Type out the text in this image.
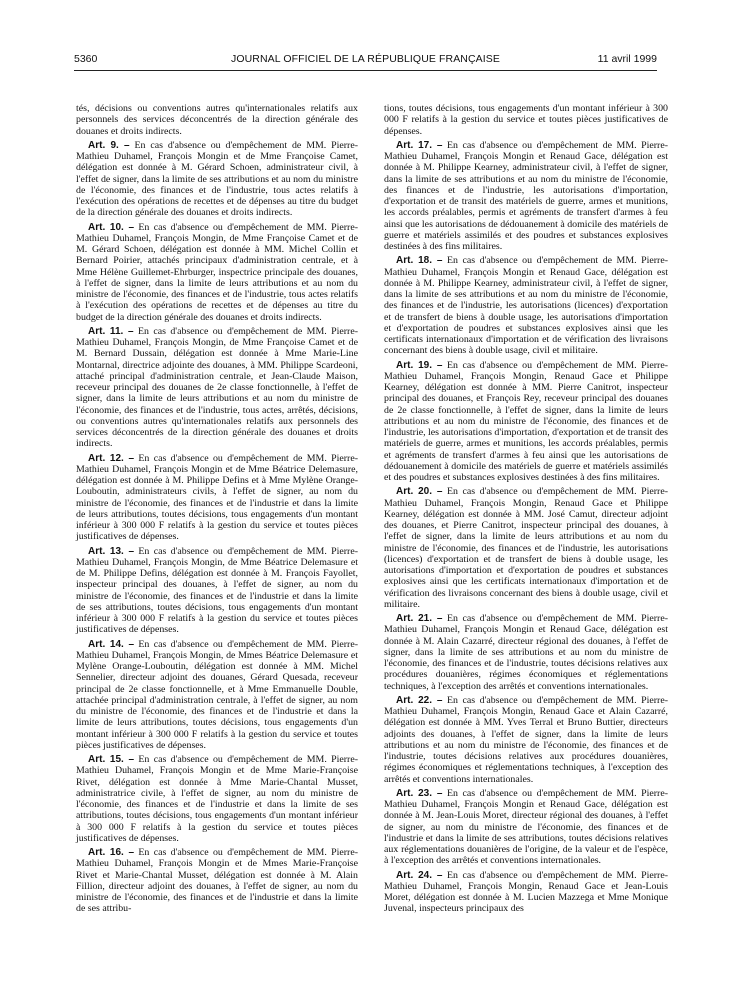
5360	JOURNAL OFFICIEL DE LA RÉPUBLIQUE FRANÇAISE	11 avril 1999

tés, décisions ou conventions autres qu'internationales relatifs aux personnels des services déconcentrés de la direction générale des douanes et droits indirects.

Art. 9. – En cas d'absence ou d'empêchement de MM. Pierre-Mathieu Duhamel, François Mongin et de Mme Françoise Camet, délégation est donnée à M. Gérard Schoen, administrateur civil, à l'effet de signer, dans la limite de ses attributions et au nom du ministre de l'économie, des finances et de l'industrie, tous actes relatifs à l'exécution des opérations de recettes et de dépenses au titre du budget de la direction générale des douanes et droits indirects.

Art. 10. – En cas d'absence ou d'empêchement de MM. Pierre-Mathieu Duhamel, François Mongin, de Mme Françoise Camet et de M. Gérard Schoen, délégation est donnée à MM. Michel Collin et Bernard Poirier, attachés principaux d'administration centrale, et à Mme Hélène Guillemet-Ehrburger, inspectrice principale des douanes, à l'effet de signer, dans la limite de leurs attributions et au nom du ministre de l'économie, des finances et de l'industrie, tous actes relatifs à l'exécution des opérations de recettes et de dépenses au titre du budget de la direction générale des douanes et droits indirects.

Art. 11. – En cas d'absence ou d'empêchement de MM. Pierre-Mathieu Duhamel, François Mongin, de Mme Françoise Camet et de M. Bernard Dussain, délégation est donnée à Mme Marie-Line Montarnal, directrice adjointe des douanes, à MM. Philippe Scardeoni, attaché principal d'administration centrale, et Jean-Claude Maison, receveur principal des douanes de 2e classe fonctionnelle, à l'effet de signer, dans la limite de leurs attributions et au nom du ministre de l'économie, des finances et de l'industrie, tous actes, arrêtés, décisions, ou conventions autres qu'internationales relatifs aux personnels des services déconcentrés de la direction générale des douanes et droits indirects.

Art. 12. – En cas d'absence ou d'empêchement de MM. Pierre-Mathieu Duhamel, François Mongin et de Mme Béatrice Delemasure, délégation est donnée à M. Philippe Defins et à Mme Mylène Orange-Louboutin, administrateurs civils, à l'effet de signer, au nom du ministre de l'économie, des finances et de l'industrie et dans la limite de leurs attributions, toutes décisions, tous engagements d'un montant inférieur à 300 000 F relatifs à la gestion du service et toutes pièces justificatives de dépenses.

Art. 13. – En cas d'absence ou d'empêchement de MM. Pierre-Mathieu Duhamel, François Mongin, de Mme Béatrice Delemasure et de M. Philippe Defins, délégation est donnée à M. François Fayollet, inspecteur principal des douanes, à l'effet de signer, au nom du ministre de l'économie, des finances et de l'industrie et dans la limite de ses attributions, toutes décisions, tous engagements d'un montant inférieur à 300 000 F relatifs à la gestion du service et toutes pièces justificatives de dépenses.

Art. 14. – En cas d'absence ou d'empêchement de MM. Pierre-Mathieu Duhamel, François Mongin, de Mmes Béatrice Delemasure et Mylène Orange-Louboutin, délégation est donnée à MM. Michel Sennelier, directeur adjoint des douanes, Gérard Quesada, receveur principal de 2e classe fonctionnelle, et à Mme Emmanuelle Double, attachée principal d'administration centrale, à l'effet de signer, au nom du ministre de l'économie, des finances et de l'industrie et dans la limite de leurs attributions, toutes décisions, tous engagements d'un montant inférieur à 300 000 F relatifs à la gestion du service et toutes pièces justificatives de dépenses.

Art. 15. – En cas d'absence ou d'empêchement de MM. Pierre-Mathieu Duhamel, François Mongin et de Mme Marie-Françoise Rivet, délégation est donnée à Mme Marie-Chantal Musset, administratrice civile, à l'effet de signer, au nom du ministre de l'économie, des finances et de l'industrie et dans la limite de ses attributions, toutes décisions, tous engagements d'un montant inférieur à 300 000 F relatifs à la gestion du service et toutes pièces justificatives de dépenses.

Art. 16. – En cas d'absence ou d'empêchement de MM. Pierre-Mathieu Duhamel, François Mongin et de Mmes Marie-Françoise Rivet et Marie-Chantal Musset, délégation est donnée à M. Alain Fillion, directeur adjoint des douanes, à l'effet de signer, au nom du ministre de l'économie, des finances et de l'industrie et dans la limite de ses attribu-

tions, toutes décisions, tous engagements d'un montant inférieur à 300 000 F relatifs à la gestion du service et toutes pièces justificatives de dépenses.

Art. 17. – En cas d'absence ou d'empêchement de MM. Pierre-Mathieu Duhamel, François Mongin et Renaud Gace, délégation est donnée à M. Philippe Kearney, administrateur civil, à l'effet de signer, dans la limite de ses attributions et au nom du ministre de l'économie, des finances et de l'industrie, les autorisations d'importation, d'exportation et de transit des matériels de guerre, armes et munitions, les accords préalables, permis et agréments de transfert d'armes à feu ainsi que les autorisations de dédouanement à domicile des matériels de guerre et matériels assimilés et des poudres et substances explosives destinées à des fins militaires.

Art. 18. – En cas d'absence ou d'empêchement de MM. Pierre-Mathieu Duhamel, François Mongin et Renaud Gace, délégation est donnée à M. Philippe Kearney, administrateur civil, à l'effet de signer, dans la limite de ses attributions et au nom du ministre de l'économie, des finances et de l'industrie, les autorisations (licences) d'exportation et de transfert de biens à double usage, les autorisations d'importation et d'exportation de poudres et substances explosives ainsi que les certificats internationaux d'importation et de vérification des livraisons concernant des biens à double usage, civil et militaire.

Art. 19. – En cas d'absence ou d'empêchement de MM. Pierre-Mathieu Duhamel, François Mongin, Renaud Gace et Philippe Kearney, délégation est donnée à MM. Pierre Canitrot, inspecteur principal des douanes, et François Rey, receveur principal des douanes de 2e classe fonctionnelle, à l'effet de signer, dans la limite de leurs attributions et au nom du ministre de l'économie, des finances et de l'industrie, les autorisations d'importation, d'exportation et de transit des matériels de guerre, armes et munitions, les accords préalables, permis et agréments de transfert d'armes à feu ainsi que les autorisations de dédouanement à domicile des matériels de guerre et matériels assimilés et des poudres et substances explosives destinées à des fins militaires.

Art. 20. – En cas d'absence ou d'empêchement de MM. Pierre-Mathieu Duhamel, François Mongin, Renaud Gace et Philippe Kearney, délégation est donnée à MM. José Camut, directeur adjoint des douanes, et Pierre Canitrot, inspecteur principal des douanes, à l'effet de signer, dans la limite de leurs attributions et au nom du ministre de l'économie, des finances et de l'industrie, les autorisations (licences) d'exportation et de transfert de biens à double usage, les autorisations d'importation et d'exportation de poudres et substances explosives ainsi que les certificats internationaux d'importation et de vérification des livraisons concernant des biens à double usage, civil et militaire.

Art. 21. – En cas d'absence ou d'empêchement de MM. Pierre-Mathieu Duhamel, François Mongin et Renaud Gace, délégation est donnée à M. Alain Cazarré, directeur régional des douanes, à l'effet de signer, dans la limite de ses attributions et au nom du ministre de l'économie, des finances et de l'industrie, toutes décisions relatives aux procédures douanières, régimes économiques et réglementations techniques, à l'exception des arrêtés et conventions internationales.

Art. 22. – En cas d'absence ou d'empêchement de MM. Pierre-Mathieu Duhamel, François Mongin, Renaud Gace et Alain Cazarré, délégation est donnée à MM. Yves Terral et Bruno Buttier, directeurs adjoints des douanes, à l'effet de signer, dans la limite de leurs attributions et au nom du ministre de l'économie, des finances et de l'industrie, toutes décisions relatives aux procédures douanières, régimes économiques et réglementations techniques, à l'exception des arrêtés et conventions internationales.

Art. 23. – En cas d'absence ou d'empêchement de MM. Pierre-Mathieu Duhamel, François Mongin et Renaud Gace, délégation est donnée à M. Jean-Louis Moret, directeur régional des douanes, à l'effet de signer, au nom du ministre de l'économie, des finances et de l'industrie et dans la limite de ses attributions, toutes décisions relatives aux réglementations douanières de l'origine, de la valeur et de l'espèce, à l'exception des arrêtés et conventions internationales.

Art. 24. – En cas d'absence ou d'empêchement de MM. Pierre-Mathieu Duhamel, François Mongin, Renaud Gace et Jean-Louis Moret, délégation est donnée à M. Lucien Mazzega et Mme Monique Juvenal, inspecteurs principaux des
